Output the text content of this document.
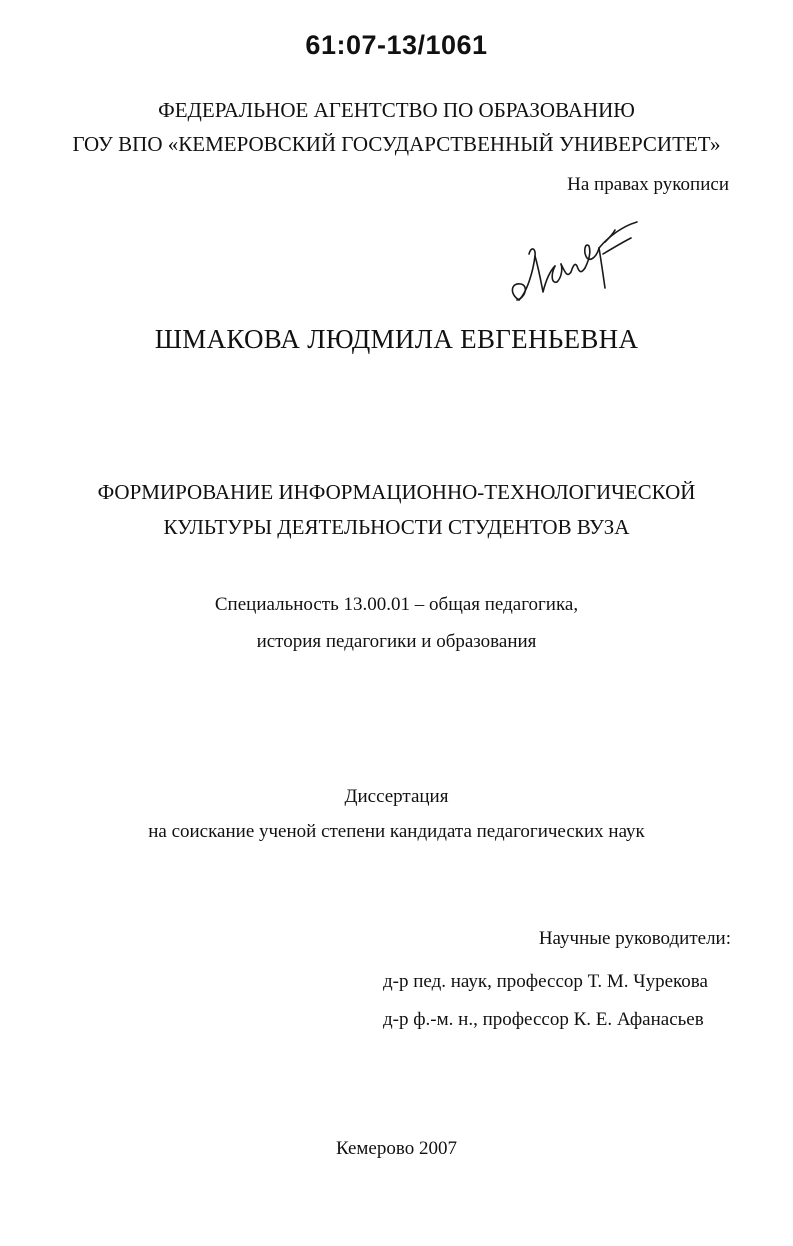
61:07-13/1061
ФЕДЕРАЛЬНОЕ АГЕНТСТВО ПО ОБРАЗОВАНИЮ
ГОУ ВПО «КЕМЕРОВСКИЙ ГОСУДАРСТВЕННЫЙ УНИВЕРСИТЕТ»
На правах рукописи
ШМАКОВА ЛЮДМИЛА ЕВГЕНЬЕВНА
ФОРМИРОВАНИЕ ИНФОРМАЦИОННО-ТЕХНОЛОГИЧЕСКОЙ
КУЛЬТУРЫ ДЕЯТЕЛЬНОСТИ СТУДЕНТОВ ВУЗА
Специальность 13.00.01 – общая педагогика,
история педагогики и образования
Диссертация
на соискание ученой степени кандидата педагогических наук
Научные руководители:
д-р пед. наук, профессор Т. М. Чурекова
д-р ф.-м. н., профессор К. Е. Афанасьев
Кемерово 2007
